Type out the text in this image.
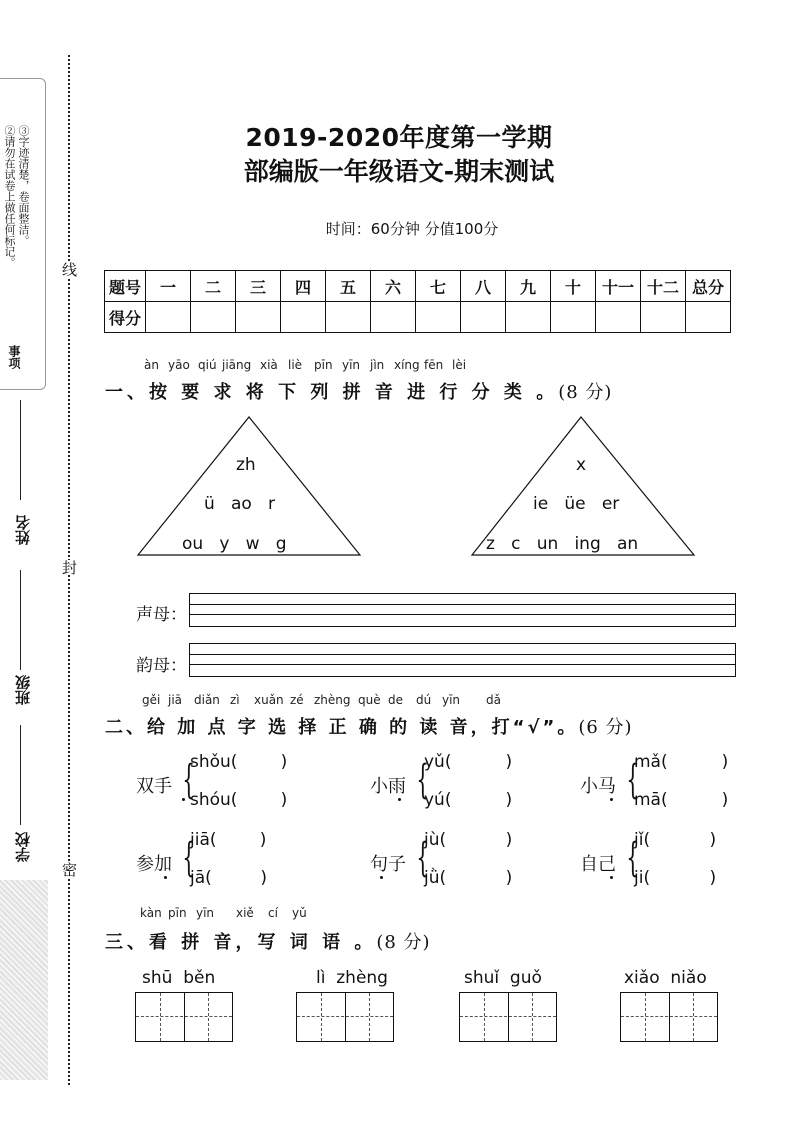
②请勿在试卷上做任何标记。 ③字迹清楚，卷面整洁。
事项
姓名
班级
学校
线
封
密
2019-2020年度第一学期
部编版一年级语文-期末测试
时间：60分钟 分值100分
题号	一	二	三	四	五	六	七	八	九	十	十一	十二	总分
得分													
àn yāo qiú jiāng xià liè pīn yīn jìn xíng fēn lèi
一、按 要 求 将 下 列 拼 音 进 行 分 类 。(8 分)
zh
ü   ao   r
ou   y   w   g
x
ie   üe   er
z   c   un   ing   an
声母：
韵母：
gěi jiā diǎn zì xuǎn zé zhèng què de dú yīn dǎ
二、给 加 点 字 选 择 正 确 的 读 音，打“√”。(6 分)
双手 {
shǒu(        )
shóu(        )
小雨 {
yǔ(          )
yú(          )
小马 {
mǎ(          )
mā(          )
参加 {
jiā(        )
jā(         )
句子 {
jù(           )
jǜ(           )
自己 {
jǐ(           )
ji(           )
kàn pīn yīn xiě cí yǔ
三、看 拼 音，写 词 语 。(8 分)
shū  běn	lì  zhèng	shuǐ  guǒ	xiǎo  niǎo
